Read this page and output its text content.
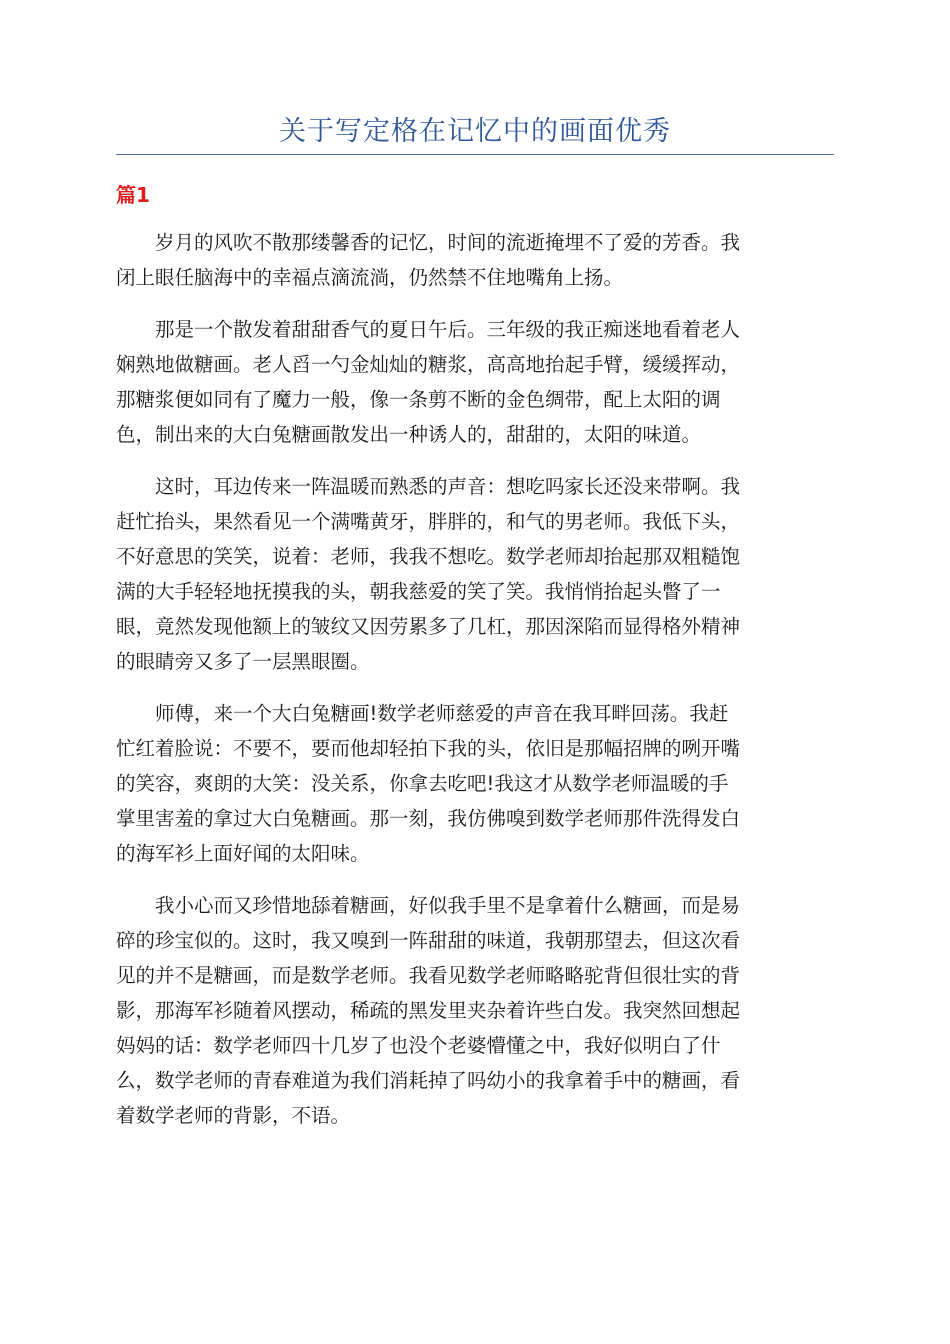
关于写定格在记忆中的画面优秀
篇1

岁月的风吹不散那缕馨香的记忆，时间的流逝掩埋不了爱的芳香。我
闭上眼任脑海中的幸福点滴流淌，仍然禁不住地嘴角上扬。

那是一个散发着甜甜香气的夏日午后。三年级的我正痴迷地看着老人
娴熟地做糖画。老人舀一勺金灿灿的糖浆，高高地抬起手臂，缓缓挥动，
那糖浆便如同有了魔力一般，像一条剪不断的金色绸带，配上太阳的调
色，制出来的大白兔糖画散发出一种诱人的，甜甜的，太阳的味道。

这时，耳边传来一阵温暖而熟悉的声音：想吃吗家长还没来带啊。我
赶忙抬头，果然看见一个满嘴黄牙，胖胖的，和气的男老师。我低下头，
不好意思的笑笑，说着：老师，我我不想吃。数学老师却抬起那双粗糙饱
满的大手轻轻地抚摸我的头，朝我慈爱的笑了笑。我悄悄抬起头瞥了一
眼，竟然发现他额上的皱纹又因劳累多了几杠，那因深陷而显得格外精神
的眼睛旁又多了一层黑眼圈。

师傅，来一个大白兔糖画!数学老师慈爱的声音在我耳畔回荡。我赶
忙红着脸说：不要不，要而他却轻拍下我的头，依旧是那幅招牌的咧开嘴
的笑容，爽朗的大笑：没关系，你拿去吃吧!我这才从数学老师温暖的手
掌里害羞的拿过大白兔糖画。那一刻，我仿佛嗅到数学老师那件洗得发白
的海军衫上面好闻的太阳味。

我小心而又珍惜地舔着糖画，好似我手里不是拿着什么糖画，而是易
碎的珍宝似的。这时，我又嗅到一阵甜甜的味道，我朝那望去，但这次看
见的并不是糖画，而是数学老师。我看见数学老师略略驼背但很壮实的背
影，那海军衫随着风摆动，稀疏的黑发里夹杂着许些白发。我突然回想起
妈妈的话：数学老师四十几岁了也没个老婆懵懂之中，我好似明白了什
么，数学老师的青春难道为我们消耗掉了吗幼小的我拿着手中的糖画，看
着数学老师的背影，不语。
